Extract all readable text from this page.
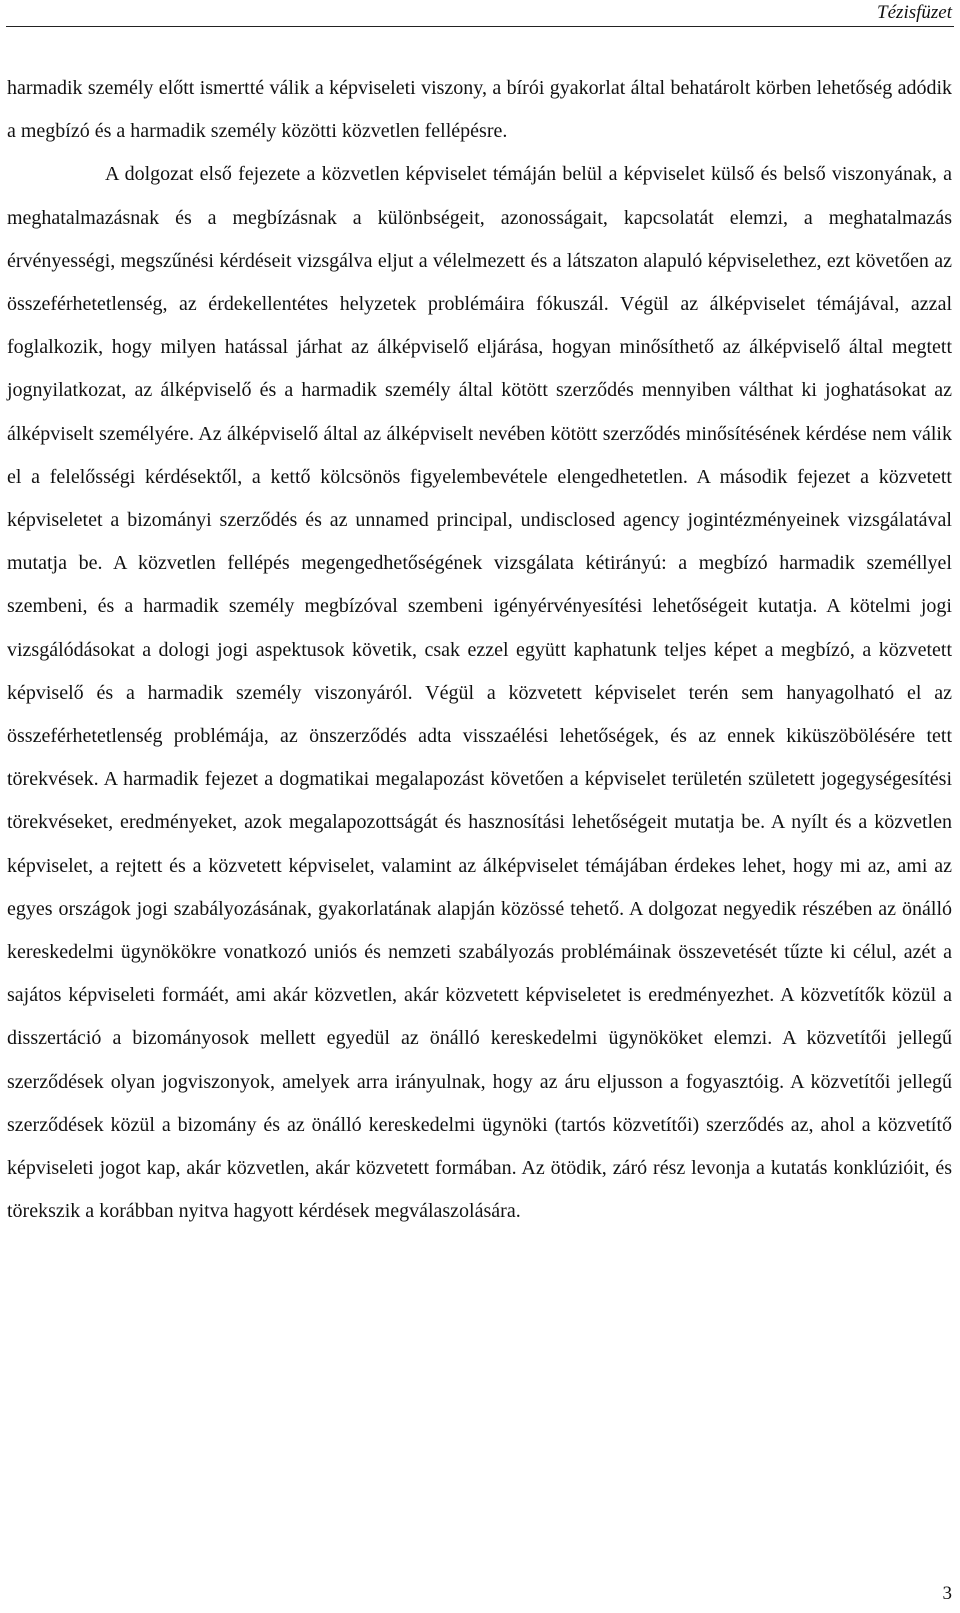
Tézisfüzet

harmadik személy előtt ismertté válik a képviseleti viszony, a bírói gyakorlat által behatárolt körben lehetőség adódik a megbízó és a harmadik személy közötti közvetlen fellépésre.

A dolgozat első fejezete a közvetlen képviselet témáján belül a képviselet külső és belső viszonyának, a meghatalmazásnak és a megbízásnak a különbségeit, azonosságait, kapcsolatát elemzi, a meghatalmazás érvényességi, megszűnési kérdéseit vizsgálva eljut a vélelmezett és a látszaton alapuló képviselethez, ezt követően az összeférhetetlenség, az érdekellentétes helyzetek problémáira fókuszál. Végül az álképviselet témájával, azzal foglalkozik, hogy milyen hatással járhat az álképviselő eljárása, hogyan minősíthető az álképviselő által megtett jognyilatkozat, az álképviselő és a harmadik személy által kötött szerződés mennyiben válthat ki joghatásokat az álképviselt személyére. Az álképviselő által az álképviselt nevében kötött szerződés minősítésének kérdése nem válik el a felelősségi kérdésektől, a kettő kölcsönös figyelembevétele elengedhetetlen. A második fejezet a közvetett képviseletet a bizományi szerződés és az unnamed principal, undisclosed agency jogintézményeinek vizsgálatával mutatja be. A közvetlen fellépés megengedhetőségének vizsgálata kétirányú: a megbízó harmadik személlyel szembeni, és a harmadik személy megbízóval szembeni igényérvényesítési lehetőségeit kutatja. A kötelmi jogi vizsgálódásokat a dologi jogi aspektusok követik, csak ezzel együtt kaphatunk teljes képet a megbízó, a közvetett képviselő és a harmadik személy viszonyáról. Végül a közvetett képviselet terén sem hanyagolható el az összeférhetetlenség problémája, az önszerződés adta visszaélési lehetőségek, és az ennek kiküszöbölésére tett törekvések. A harmadik fejezet a dogmatikai megalapozást követően a képviselet területén született jogegységesítési törekvéseket, eredményeket, azok megalapozottságát és hasznosítási lehetőségeit mutatja be. A nyílt és a közvetlen képviselet, a rejtett és a közvetett képviselet, valamint az álképviselet témájában érdekes lehet, hogy mi az, ami az egyes országok jogi szabályozásának, gyakorlatának alapján közössé tehető. A dolgozat negyedik részében az önálló kereskedelmi ügynökökre vonatkozó uniós és nemzeti szabályozás problémáinak összevetését tűzte ki célul, azét a sajátos képviseleti formáét, ami akár közvetlen, akár közvetett képviseletet is eredményezhet. A közvetítők közül a disszertáció a bizományosok mellett egyedül az önálló kereskedelmi ügynököket elemzi. A közvetítői jellegű szerződések olyan jogviszonyok, amelyek arra irányulnak, hogy az áru eljusson a fogyasztóig. A közvetítői jellegű szerződések közül a bizomány és az önálló kereskedelmi ügynöki (tartós közvetítői) szerződés az, ahol a közvetítő képviseleti jogot kap, akár közvetlen, akár közvetett formában. Az ötödik, záró rész levonja a kutatás konklúzióit, és törekszik a korábban nyitva hagyott kérdések megválaszolására.

3
